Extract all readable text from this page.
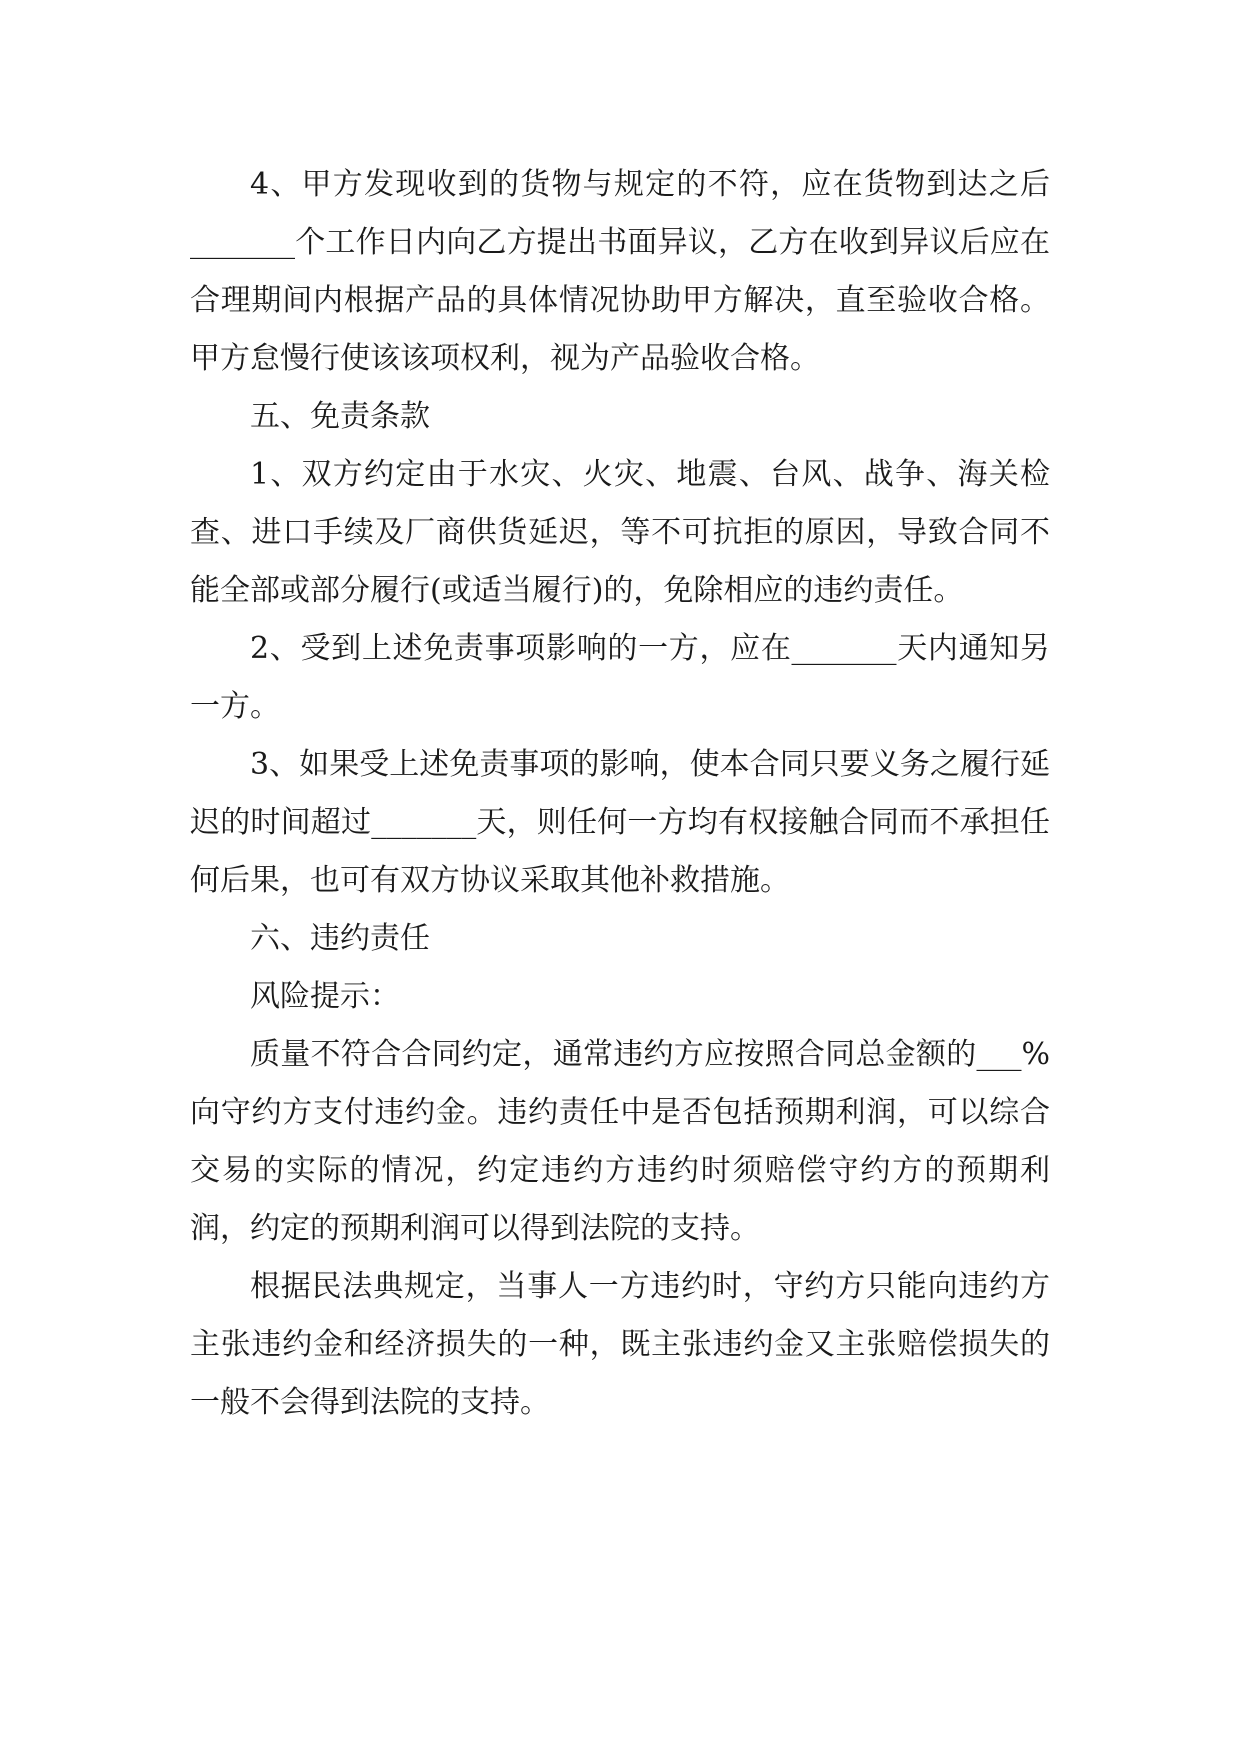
4、甲方发现收到的货物与规定的不符，应在货物到达之后_______个工作日内向乙方提出书面异议，乙方在收到异议后应在合理期间内根据产品的具体情况协助甲方解决，直至验收合格。甲方怠慢行使该该项权利，视为产品验收合格。

五、免责条款

1、双方约定由于水灾、火灾、地震、台风、战争、海关检查、进口手续及厂商供货延迟，等不可抗拒的原因，导致合同不能全部或部分履行(或适当履行)的，免除相应的违约责任。

2、受到上述免责事项影响的一方，应在_______天内通知另一方。

3、如果受上述免责事项的影响，使本合同只要义务之履行延迟的时间超过_______天，则任何一方均有权接触合同而不承担任何后果，也可有双方协议采取其他补救措施。

六、违约责任

风险提示：

质量不符合合同约定，通常违约方应按照合同总金额的___%向守约方支付违约金。违约责任中是否包括预期利润，可以综合交易的实际的情况，约定违约方违约时须赔偿守约方的预期利润，约定的预期利润可以得到法院的支持。

根据民法典规定，当事人一方违约时，守约方只能向违约方主张违约金和经济损失的一种，既主张违约金又主张赔偿损失的一般不会得到法院的支持。
